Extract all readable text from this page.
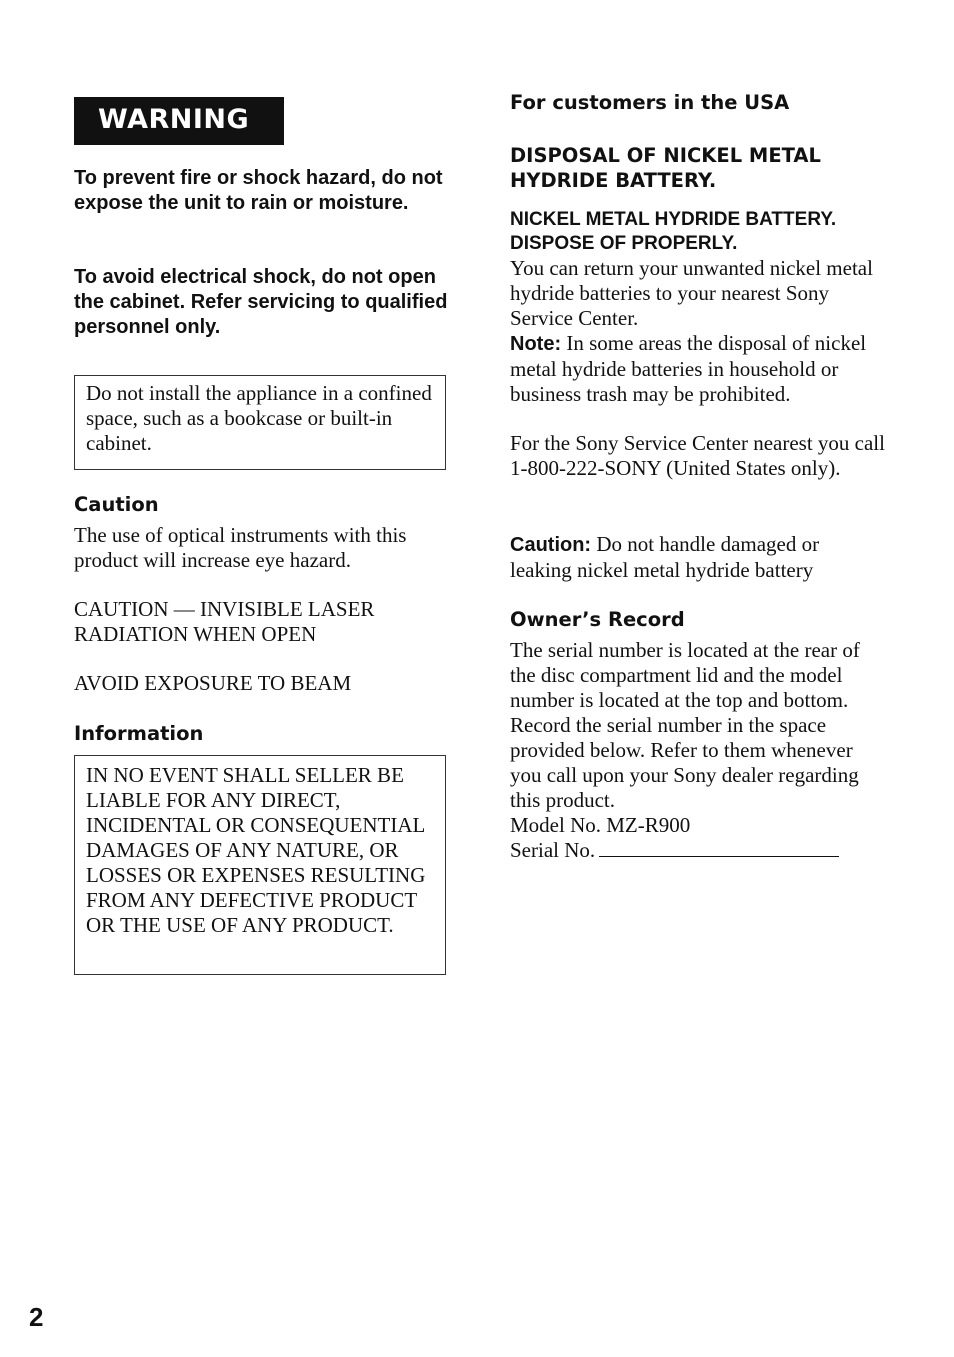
WARNING

To prevent fire or shock hazard, do not expose the unit to rain or moisture.

To avoid electrical shock, do not open the cabinet. Refer servicing to qualified personnel only.

Do not install the appliance in a confined space, such as a bookcase or built-in cabinet.

Caution

The use of optical instruments with this product will increase eye hazard.

CAUTION — INVISIBLE LASER

RADIATION WHEN OPEN

AVOID EXPOSURE TO BEAM

Information

IN NO EVENT SHALL SELLER BE LIABLE FOR ANY DIRECT, INCIDENTAL OR CONSEQUENTIAL DAMAGES OF ANY NATURE, OR LOSSES OR EXPENSES RESULTING FROM ANY DEFECTIVE PRODUCT OR THE USE OF ANY PRODUCT.

For customers in the USA
DISPOSAL OF NICKEL METAL HYDRIDE BATTERY.

NICKEL METAL HYDRIDE BATTERY. DISPOSE OF PROPERLY.

You can return your unwanted nickel metal hydride batteries to your nearest Sony Service Center.

Note: In some areas the disposal of nickel metal hydride batteries in household or business trash may be prohibited.

For the Sony Service Center nearest you call 1-800-222-SONY (United States only).

Caution: Do not handle damaged or leaking nickel metal hydride battery

Owner’s Record

The serial number is located at the rear of the disc compartment lid and the model number is located at the top and bottom. Record the serial number in the space provided below. Refer to them whenever you call upon your Sony dealer regarding this product.

Model No. MZ-R900

Serial No.

2
